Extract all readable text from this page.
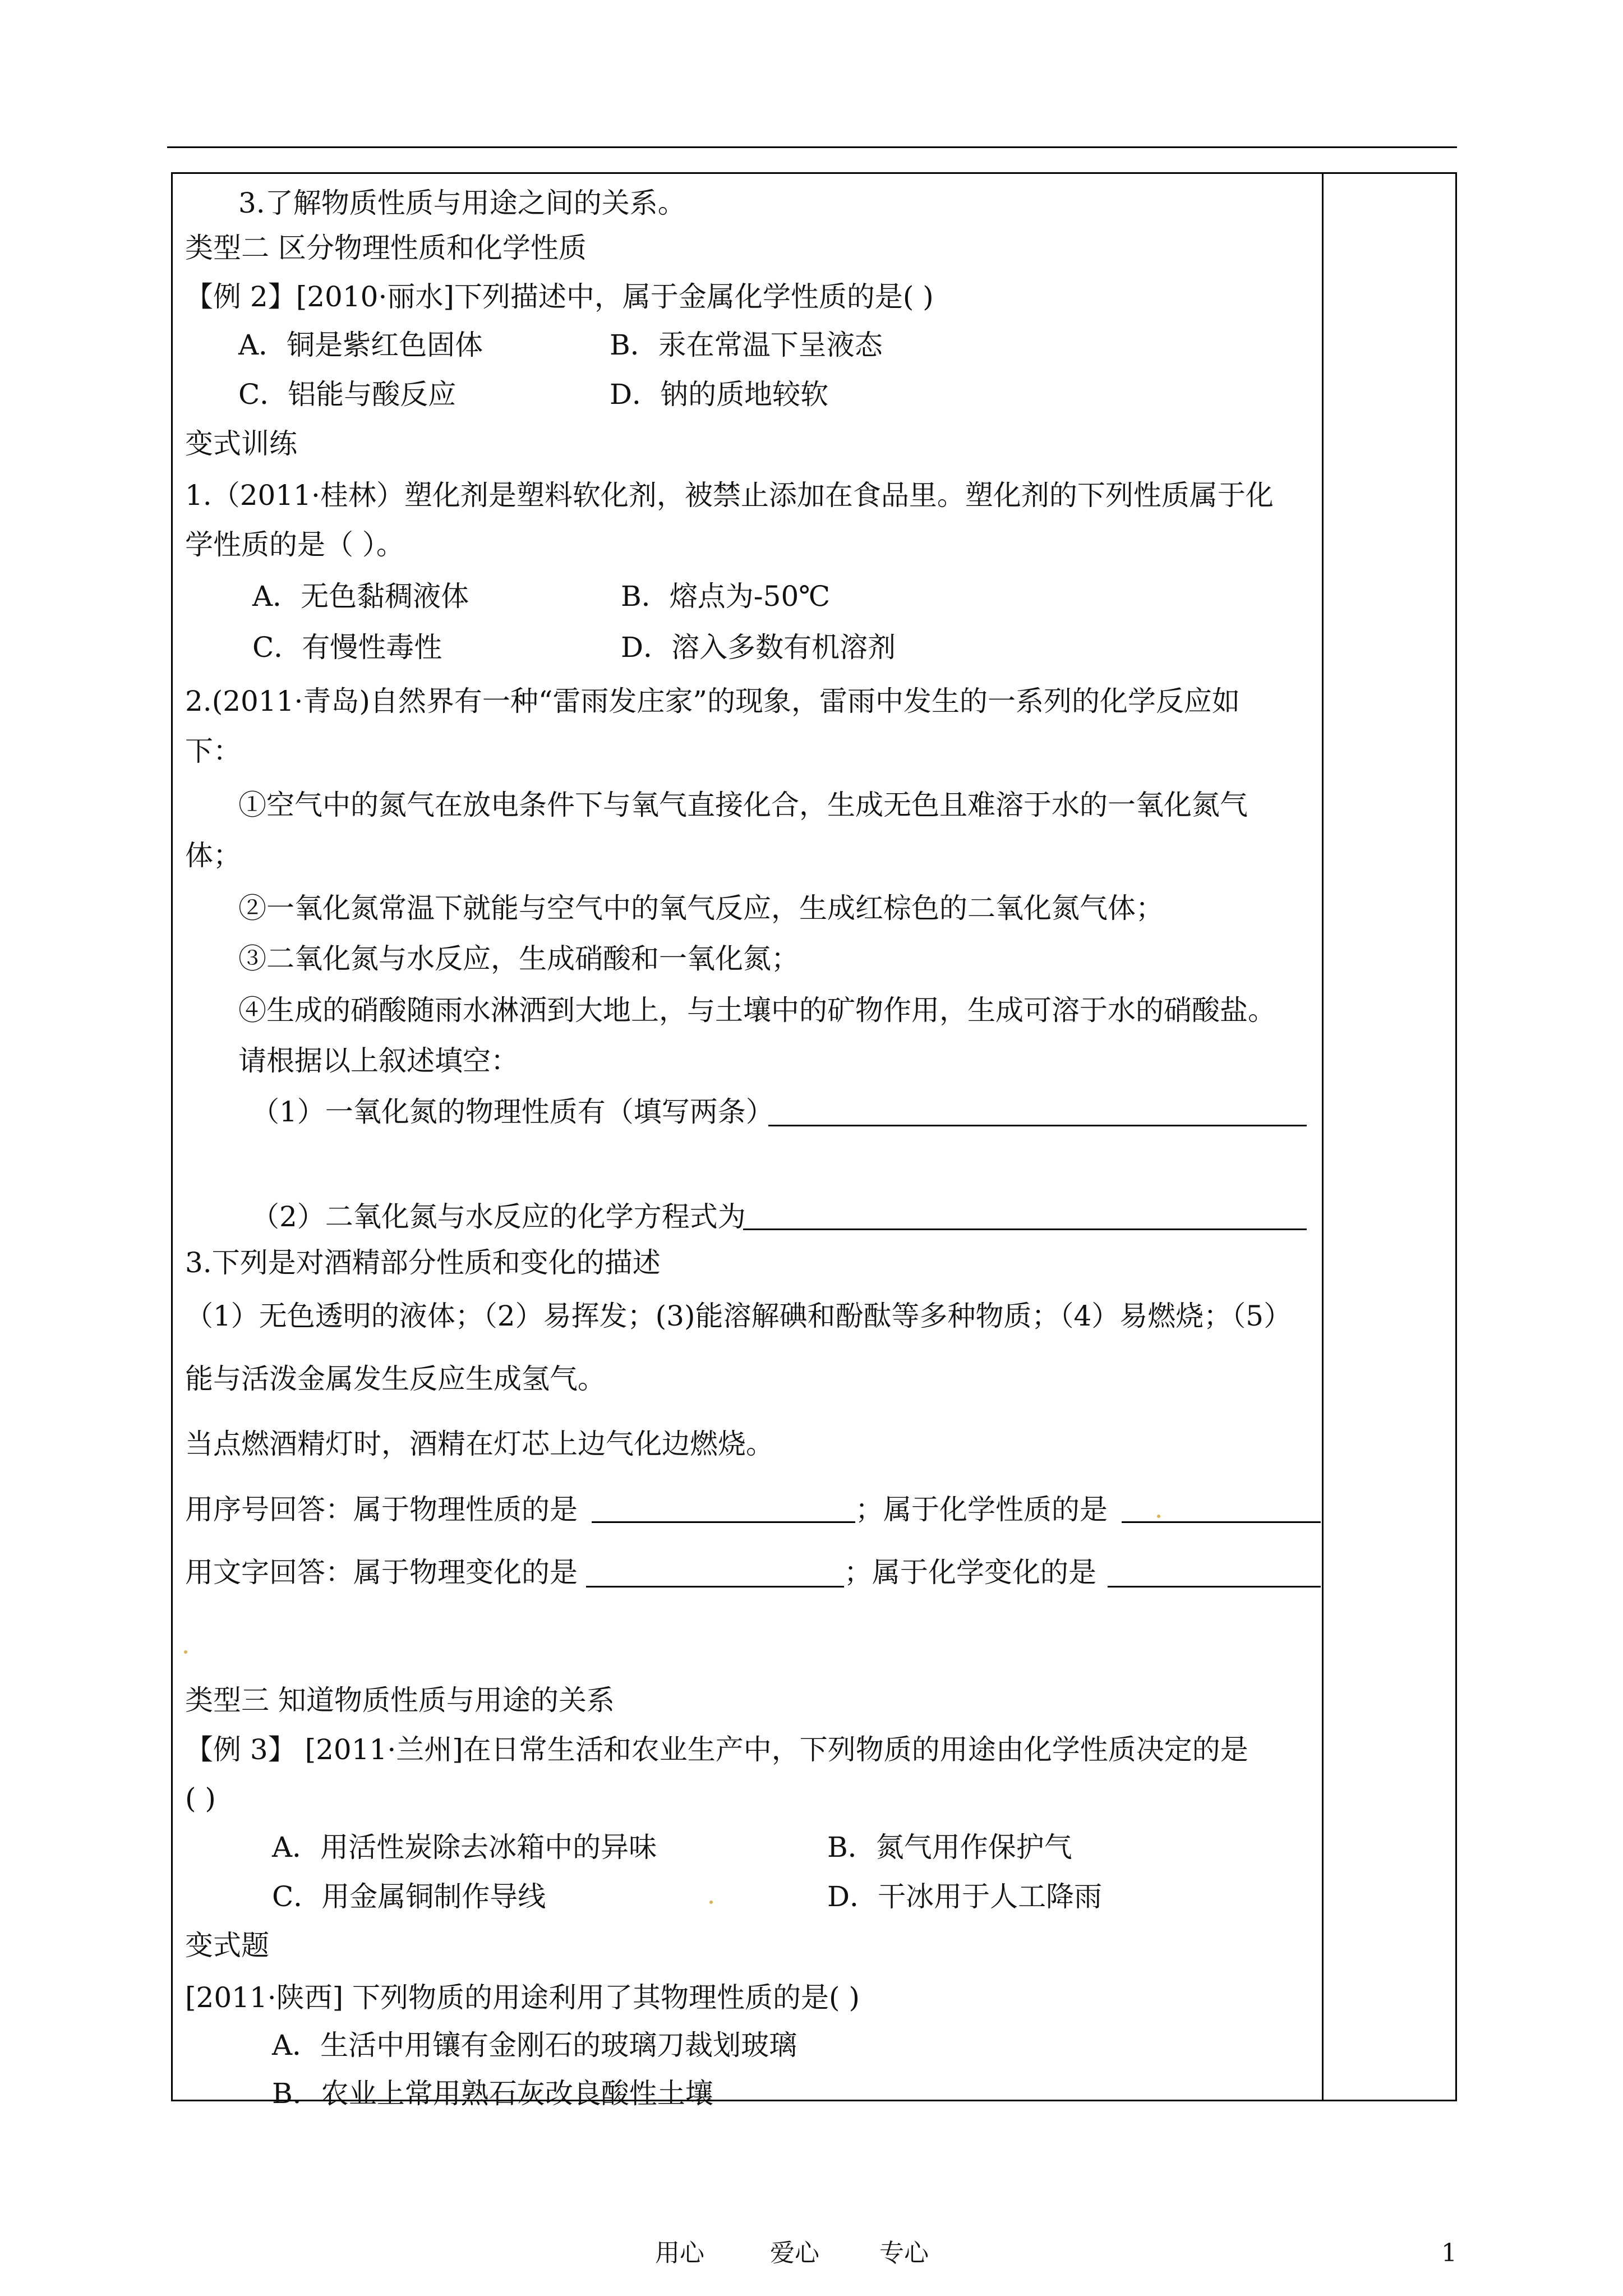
3.了解物质性质与用途之间的关系。
类型二 区分物理性质和化学性质
【例 2】[2010·丽水]下列描述中，属于金属化学性质的是( )
A．铜是紫红色固体	B．汞在常温下呈液态
C．铝能与酸反应	D．钠的质地较软
变式训练
1.（2011·桂林）塑化剂是塑料软化剂，被禁止添加在食品里。塑化剂的下列性质属于化
学性质的是（ ）。
A．无色黏稠液体	B．熔点为-50℃
C．有慢性毒性	D．溶入多数有机溶剂
2.(2011·青岛)自然界有一种“雷雨发庄家”的现象，雷雨中发生的一系列的化学反应如
下：
①空气中的氮气在放电条件下与氧气直接化合，生成无色且难溶于水的一氧化氮气
体；
②一氧化氮常温下就能与空气中的氧气反应，生成红棕色的二氧化氮气体；
③二氧化氮与水反应，生成硝酸和一氧化氮；
④生成的硝酸随雨水淋洒到大地上，与土壤中的矿物作用，生成可溶于水的硝酸盐。
请根据以上叙述填空：
（1）一氧化氮的物理性质有（填写两条）
（2）二氧化氮与水反应的化学方程式为
3.下列是对酒精部分性质和变化的描述
（1）无色透明的液体；（2）易挥发；(3)能溶解碘和酚酞等多种物质；（4）易燃烧；（5）
能与活泼金属发生反应生成氢气。
当点燃酒精灯时，酒精在灯芯上边气化边燃烧。
用序号回答：属于物理性质的是	；属于化学性质的是
用文字回答：属于物理变化的是	；属于化学变化的是
类型三 知道物质性质与用途的关系
【例 3】 [2011·兰州]在日常生活和农业生产中，下列物质的用途由化学性质决定的是
( )
A．用活性炭除去冰箱中的异味	B．氮气用作保护气
C．用金属铜制作导线	D．干冰用于人工降雨
变式题
[2011·陕西] 下列物质的用途利用了其物理性质的是( )
A．生活中用镶有金刚石的玻璃刀裁划玻璃
B．农业上常用熟石灰改良酸性土壤
用心	爱心 专心	1
